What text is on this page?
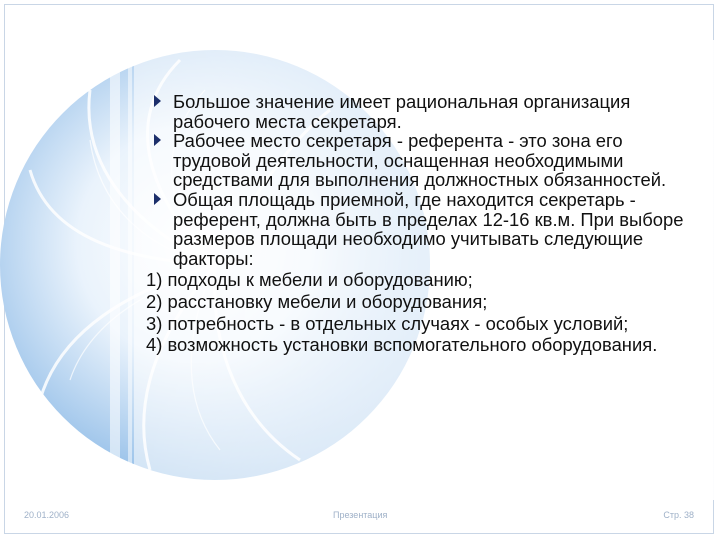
Большое значение имеет рациональная организация рабочего места секретаря.

Рабочее место секретаря - референта - это зона его трудовой деятельности, оснащенная необходимыми средствами для выполнения должностных обязанностей.

Общая площадь приемной, где находится секретарь - референт, должна быть в пределах 12-16 кв.м. При выборе размеров площади необходимо учитывать следующие факторы:

1) подходы к мебели и оборудованию;

2) расстановку мебели и оборудования;

3) потребность - в отдельных случаях - особых условий;

4) возможность установки вспомогательного оборудования.

20.01.2006	Презентация	Стр. 38
